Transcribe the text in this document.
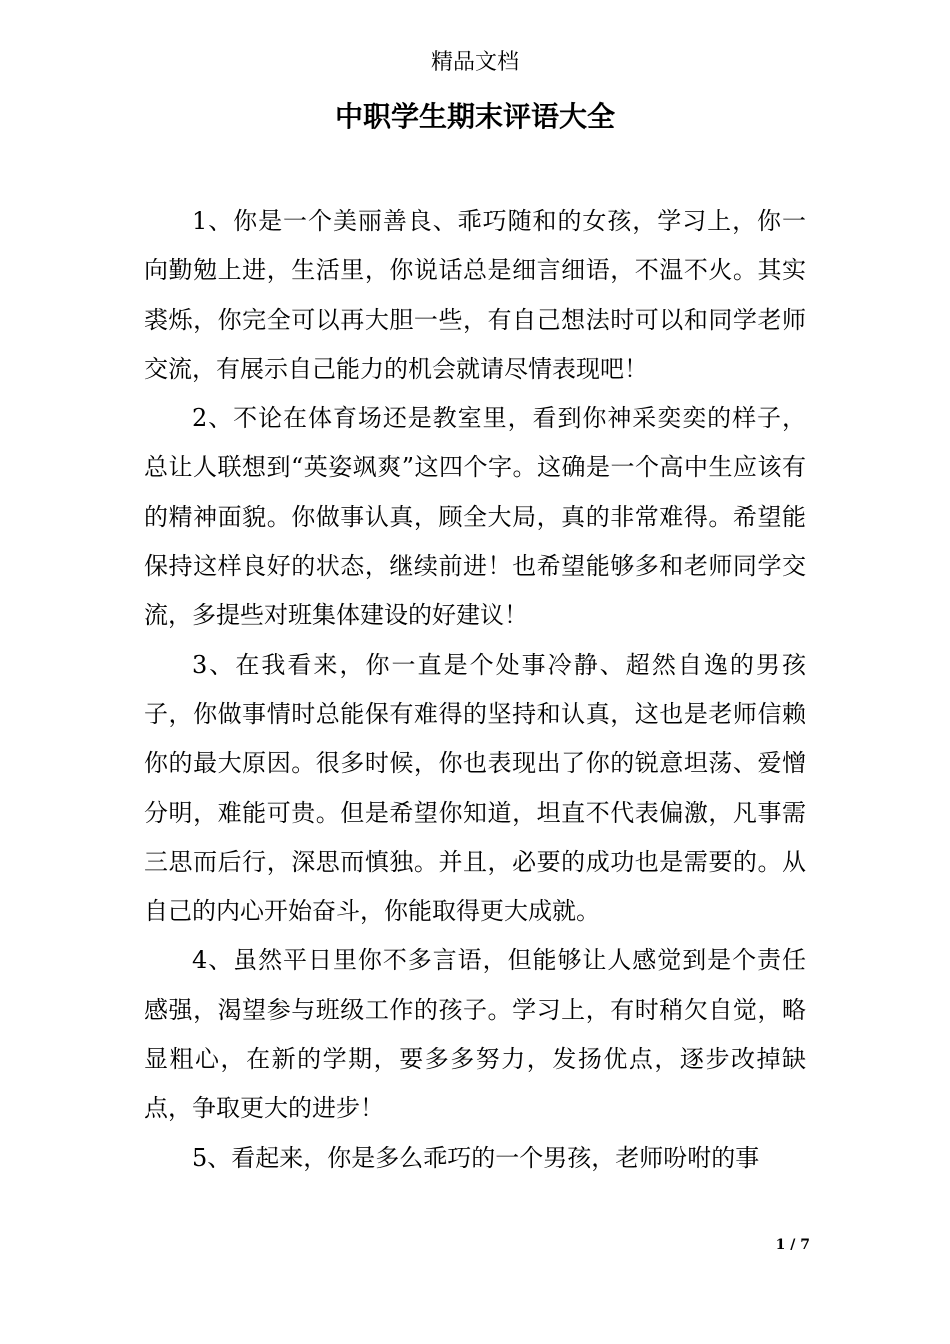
精品文档
中职学生期末评语大全

1、你是一个美丽善良、乖巧随和的女孩，学习上，你一向勤勉上进，生活里，你说话总是细言细语，不温不火。其实裘烁，你完全可以再大胆一些，有自己想法时可以和同学老师交流，有展示自己能力的机会就请尽情表现吧！

2、不论在体育场还是教室里，看到你神采奕奕的样子，总让人联想到“英姿飒爽”这四个字。这确是一个高中生应该有的精神面貌。你做事认真，顾全大局，真的非常难得。希望能保持这样良好的状态，继续前进！也希望能够多和老师同学交流，多提些对班集体建设的好建议！

3、在我看来，你一直是个处事冷静、超然自逸的男孩子，你做事情时总能保有难得的坚持和认真，这也是老师信赖你的最大原因。很多时候，你也表现出了你的锐意坦荡、爱憎分明，难能可贵。但是希望你知道，坦直不代表偏激，凡事需三思而后行，深思而慎独。并且，必要的成功也是需要的。从自己的内心开始奋斗，你能取得更大成就。

4、虽然平日里你不多言语，但能够让人感觉到是个责任感强，渴望参与班级工作的孩子。学习上，有时稍欠自觉，略显粗心，在新的学期，要多多努力，发扬优点，逐步改掉缺点，争取更大的进步！

5、看起来，你是多么乖巧的一个男孩，老师吩咐的事

1 / 7
